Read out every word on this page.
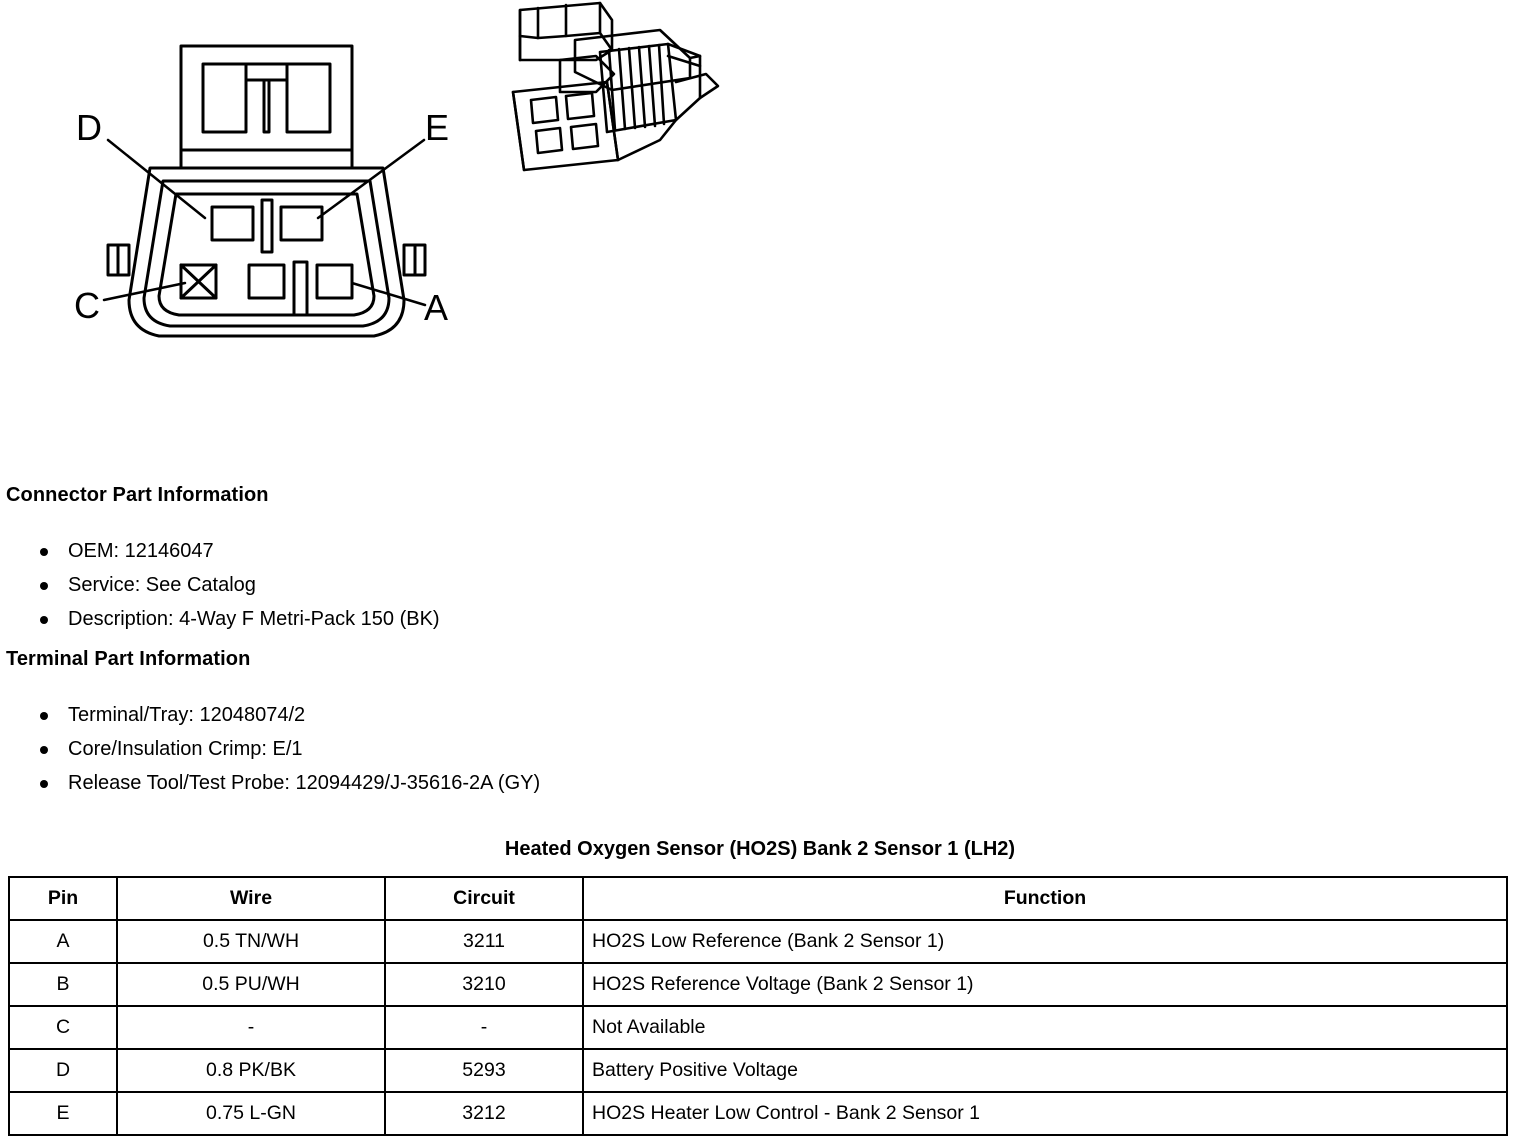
D	E
C	A
Connector Part Information
OEM: 12146047
Service: See Catalog
Description: 4-Way F Metri-Pack 150 (BK)
Terminal Part Information
Terminal/Tray: 12048074/2
Core/Insulation Crimp: E/1
Release Tool/Test Probe: 12094429/J-35616-2A (GY)
Heated Oxygen Sensor (HO2S) Bank 2 Sensor 1 (LH2)
Pin	Wire	Circuit	Function
A	0.5 TN/WH	3211	HO2S Low Reference (Bank 2 Sensor 1)
B	0.5 PU/WH	3210	HO2S Reference Voltage (Bank 2 Sensor 1)
C	-	-	Not Available
D	0.8 PK/BK	5293	Battery Positive Voltage
E	0.75 L-GN	3212	HO2S Heater Low Control - Bank 2 Sensor 1
